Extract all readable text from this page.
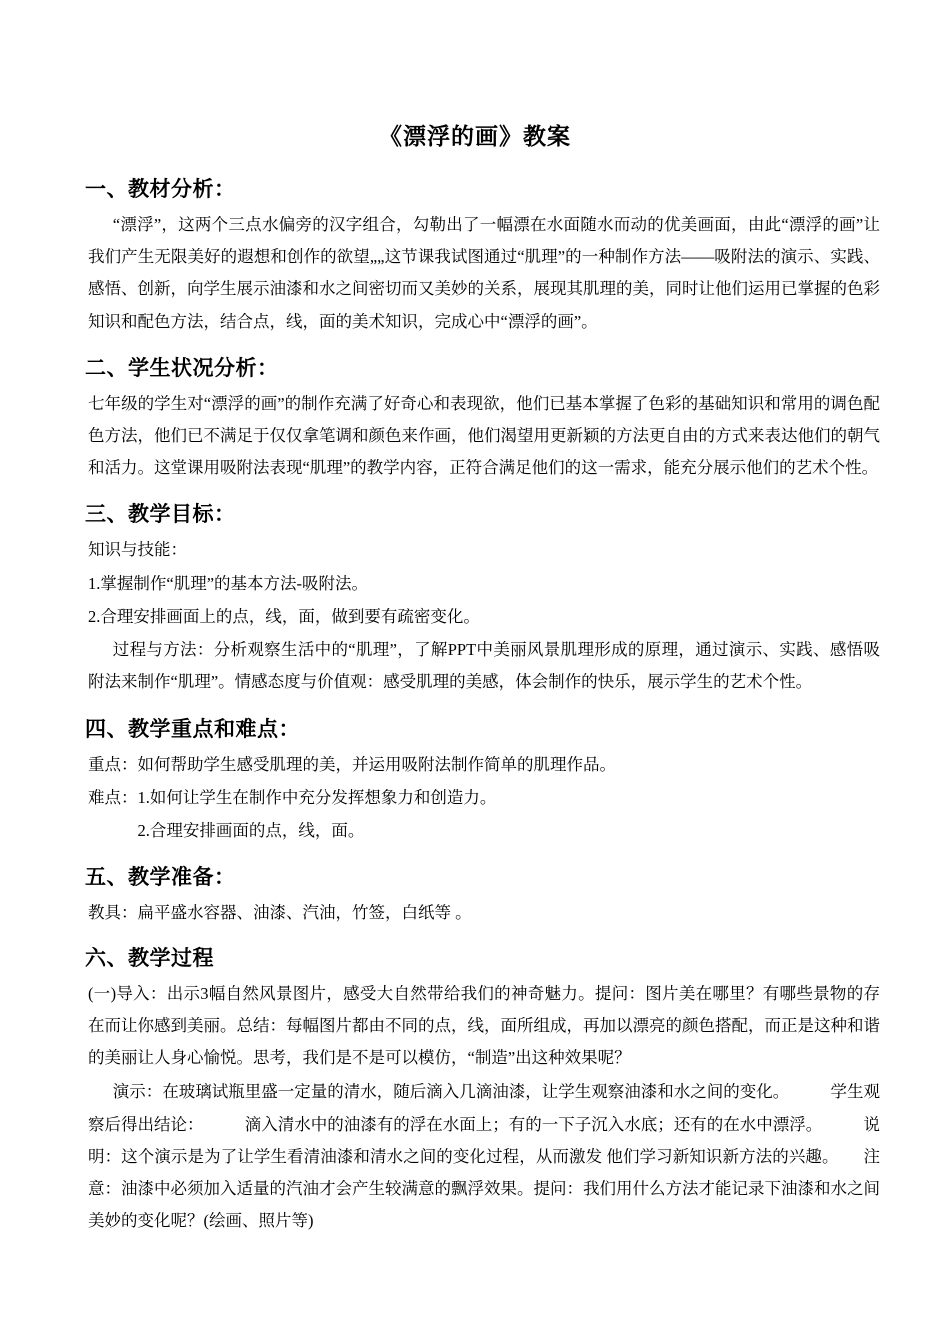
《漂浮的画》教案
一、教材分析：

“漂浮”，这两个三点水偏旁的汉字组合，勾勒出了一幅漂在水面随水而动的优美画面，由此“漂浮的画”让我们产生无限美好的遐想和创作的欲望„„这节课我试图通过“肌理”的一种制作方法——吸附法的演示、实践、感悟、创新，向学生展示油漆和水之间密切而又美妙的关系，展现其肌理的美，同时让他们运用已掌握的色彩知识和配色方法，结合点，线，面的美术知识，完成心中“漂浮的画”。

二、学生状况分析：

七年级的学生对“漂浮的画”的制作充满了好奇心和表现欲，他们已基本掌握了色彩的基础知识和常用的调色配色方法，他们已不满足于仅仅拿笔调和颜色来作画，他们渴望用更新颖的方法更自由的方式来表达他们的朝气和活力。这堂课用吸附法表现“肌理”的教学内容，正符合满足他们的这一需求，能充分展示他们的艺术个性。

三、教学目标：

知识与技能：

1.掌握制作“肌理”的基本方法-吸附法。

2.合理安排画面上的点，线，面，做到要有疏密变化。

过程与方法：分析观察生活中的“肌理”，了解PPT中美丽风景肌理形成的原理，通过演示、实践、感悟吸附法来制作“肌理”。情感态度与价值观：感受肌理的美感，体会制作的快乐，展示学生的艺术个性。

四、教学重点和难点：

重点：如何帮助学生感受肌理的美，并运用吸附法制作简单的肌理作品。

难点：1.如何让学生在制作中充分发挥想象力和创造力。

2.合理安排画面的点，线，面。

五、教学准备：

教具：扁平盛水容器、油漆、汽油，竹签，白纸等 。

六、教学过程

(一)导入：出示3幅自然风景图片，感受大自然带给我们的神奇魅力。提问：图片美在哪里？有哪些景物的存在而让你感到美丽。总结：每幅图片都由不同的点，线，面所组成，再加以漂亮的颜色搭配，而正是这种和谐的美丽让人身心愉悦。思考，我们是不是可以模仿，“制造”出这种效果呢？

演示：在玻璃试瓶里盛一定量的清水，随后滴入几滴油漆，让学生观察油漆和水之间的变化。　　　学生观察后得出结论：　　　滴入清水中的油漆有的浮在水面上；有的一下子沉入水底；还有的在水中漂浮。　　　说明：这个演示是为了让学生看清油漆和清水之间的变化过程，从而激发 他们学习新知识新方法的兴趣。　　注意：油漆中必须加入适量的汽油才会产生较满意的飘浮效果。提问：我们用什么方法才能记录下油漆和水之间美妙的变化呢？(绘画、照片等)
